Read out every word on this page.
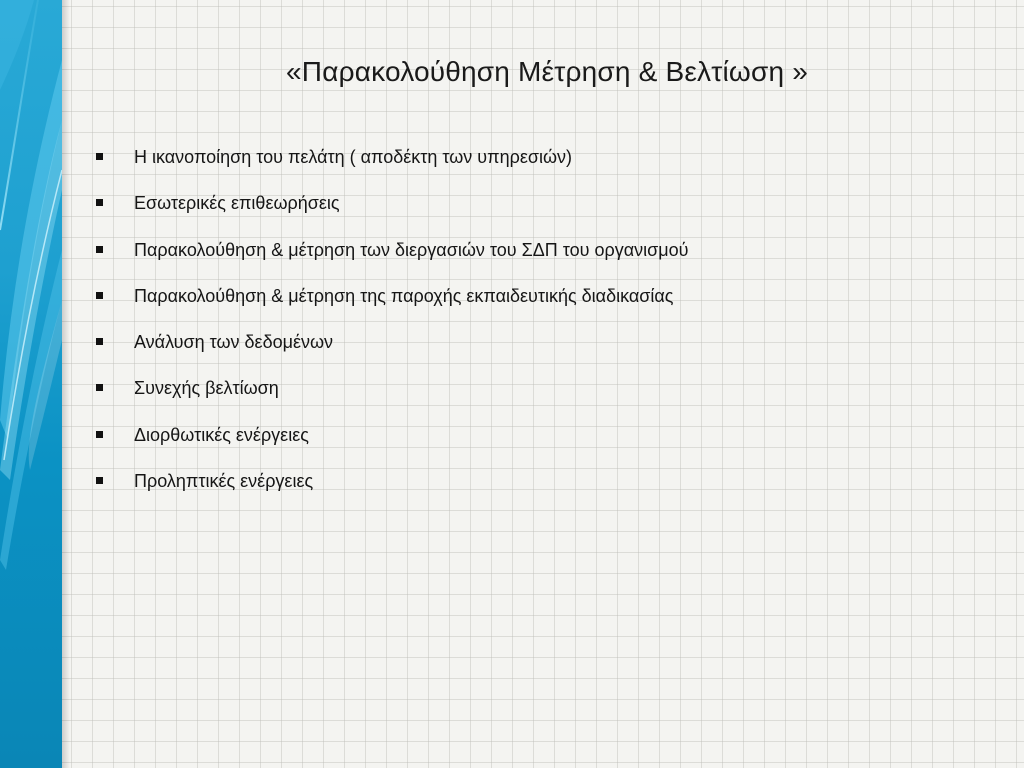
«Παρακολούθηση Μέτρηση & Βελτίωση »
Η ικανοποίηση του πελάτη ( αποδέκτη των υπηρεσιών)
Εσωτερικές επιθεωρήσεις
Παρακολούθηση & μέτρηση των διεργασιών του ΣΔΠ του οργανισμού
Παρακολούθηση & μέτρηση της παροχής εκπαιδευτικής διαδικασίας
Ανάλυση των δεδομένων
Συνεχής βελτίωση
Διορθωτικές ενέργειες
Προληπτικές ενέργειες
